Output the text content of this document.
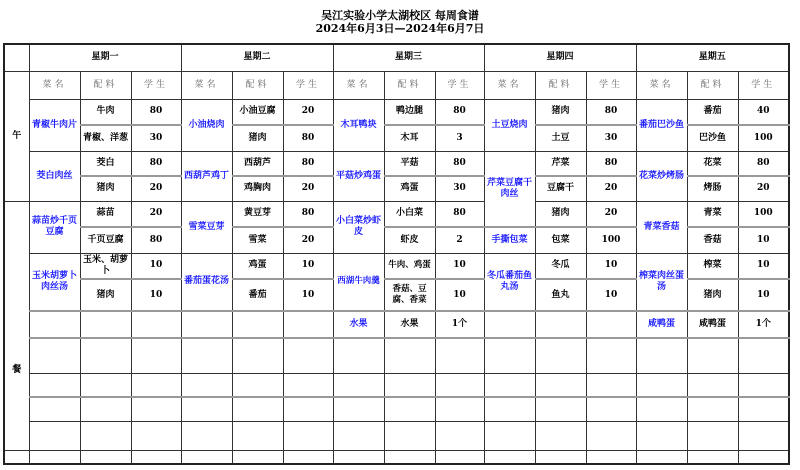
吴江实验小学太湖校区 每周食谱
2024年6月3日—2024年6月7日
	星期一			星期二			星期三			星期四			星期五		
午	菜名	配料	学生	菜名	配料	学生	菜名	配料	学生	菜名	配料	学生	菜名	配料	学生
	青椒牛肉片	牛肉	80	小油烧肉	小油豆腐	20	木耳鸭块	鸭边腿	80	土豆烧肉	猪肉	80	番茄巴沙鱼	番茄	40
		青椒、洋葱	30		猪肉	80		木耳	3		土豆	30		巴沙鱼	100
	茭白肉丝	茭白	80	西葫芦鸡丁	西葫芦	80	平菇炒鸡蛋	平菇	80	芹菜豆腐干肉丝	芹菜	80	花菜炒烤肠	花菜	80
		猪肉	20		鸡胸肉	20		鸡蛋	30		豆腐干	20		烤肠	20
餐	蒜苗炒千页豆腐	蒜苗	20	雪菜豆芽	黄豆芽	80	小白菜炒虾皮	小白菜	80		猪肉	20	青菜香菇	青菜	100
		千页豆腐	80		雪菜	20		虾皮	2	手撕包菜	包菜	100		香菇	10
	玉米胡萝卜肉丝汤	玉米、胡萝卜	10	番茄蛋花汤	鸡蛋	10	西湖牛肉羹	牛肉、鸡蛋	10	冬瓜番茄鱼丸汤	冬瓜	10	榨菜肉丝蛋汤	榨菜	10
		猪肉	10		番茄	10		香菇、豆腐、香菜	10		鱼丸	10		猪肉	10
							水果	水果	1个				咸鸭蛋	咸鸭蛋	1个
